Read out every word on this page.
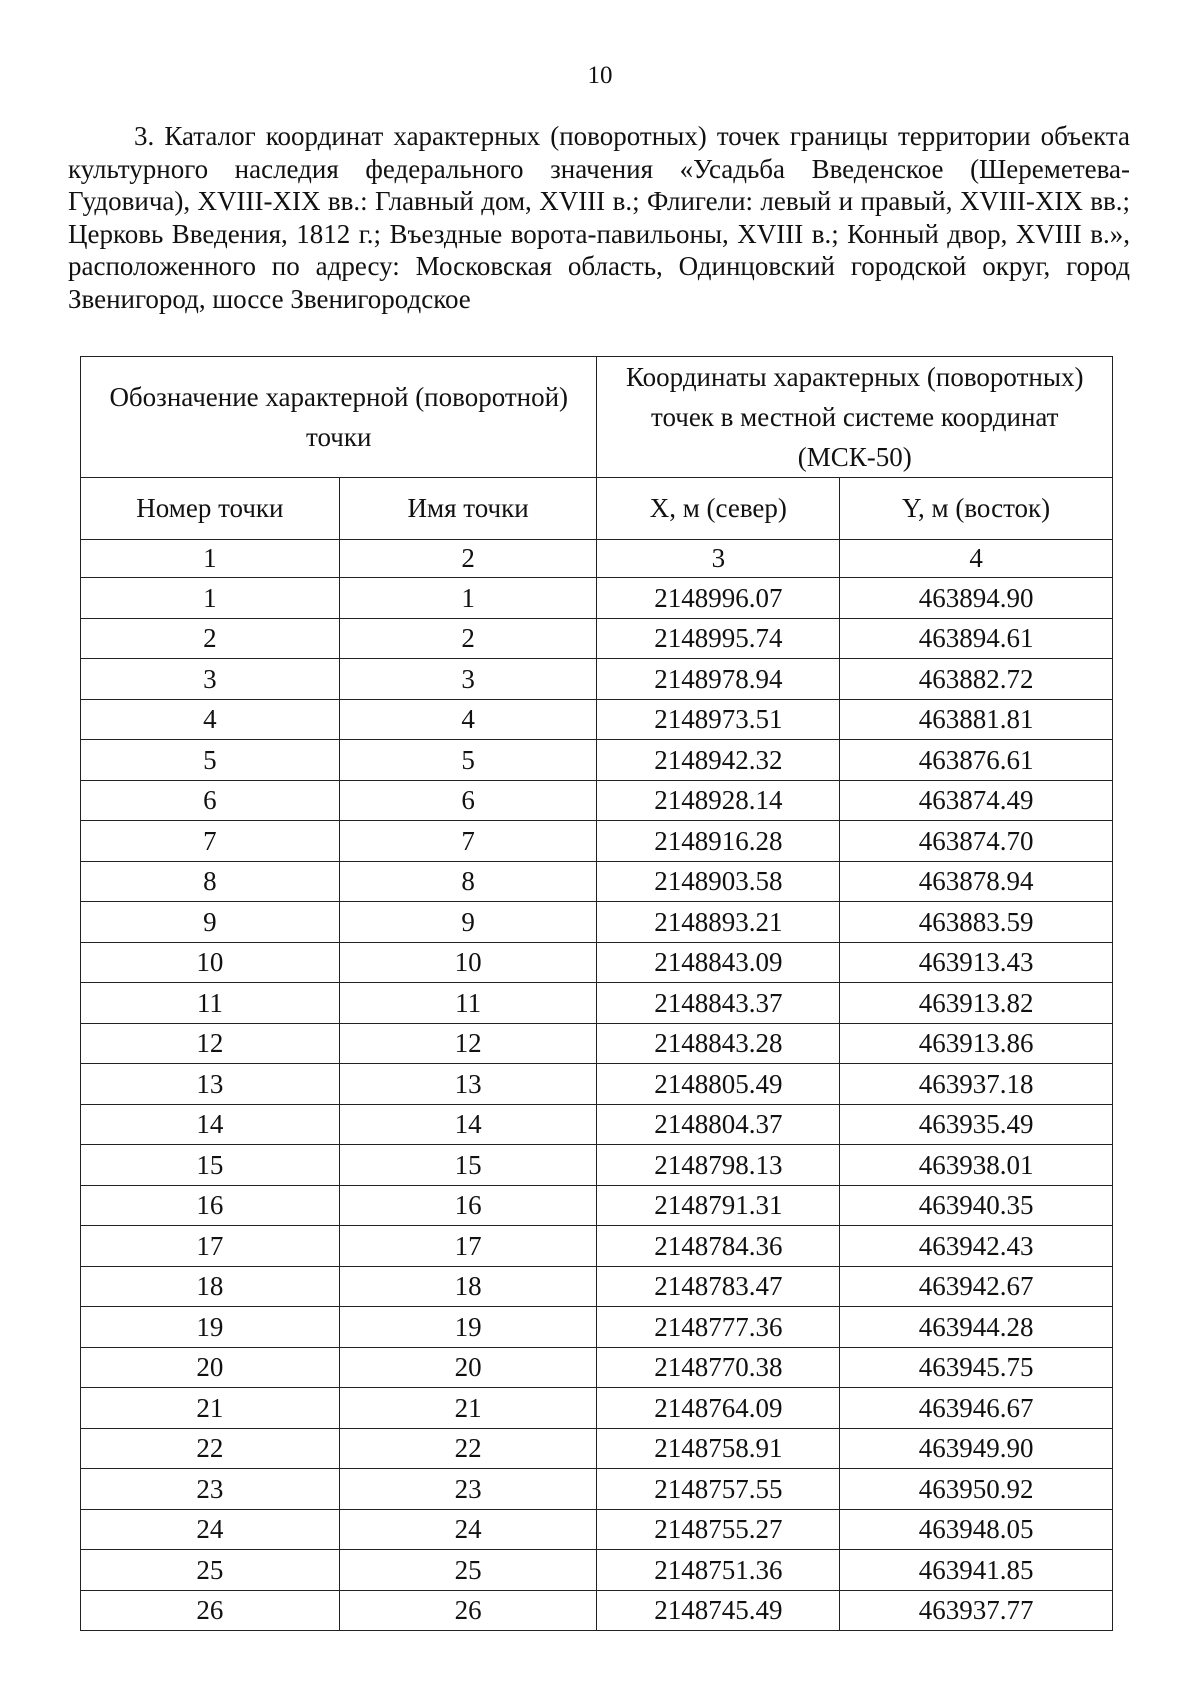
10

3. Каталог координат характерных (поворотных) точек границы территории объекта культурного наследия федерального значения «Усадьба Введенское (Шереметева-Гудовича), XVIII-XIX вв.: Главный дом, XVIII в.; Флигели: левый и правый, XVIII-XIX вв.; Церковь Введения, 1812 г.; Въездные ворота-павильоны, XVIII в.; Конный двор, XVIII в.», расположенного по адресу: Московская область, Одинцовский городской округ, город Звенигород, шоссе Звенигородское

Обозначение характерной (поворотной) точки		Координаты характерных (поворотных) точек в местной системе координат (МСК-50)	
Номер точки	Имя точки	X, м (север)	Y, м (восток)
1	2	3	4
1	1	2148996.07	463894.90
2	2	2148995.74	463894.61
3	3	2148978.94	463882.72
4	4	2148973.51	463881.81
5	5	2148942.32	463876.61
6	6	2148928.14	463874.49
7	7	2148916.28	463874.70
8	8	2148903.58	463878.94
9	9	2148893.21	463883.59
10	10	2148843.09	463913.43
11	11	2148843.37	463913.82
12	12	2148843.28	463913.86
13	13	2148805.49	463937.18
14	14	2148804.37	463935.49
15	15	2148798.13	463938.01
16	16	2148791.31	463940.35
17	17	2148784.36	463942.43
18	18	2148783.47	463942.67
19	19	2148777.36	463944.28
20	20	2148770.38	463945.75
21	21	2148764.09	463946.67
22	22	2148758.91	463949.90
23	23	2148757.55	463950.92
24	24	2148755.27	463948.05
25	25	2148751.36	463941.85
26	26	2148745.49	463937.77
